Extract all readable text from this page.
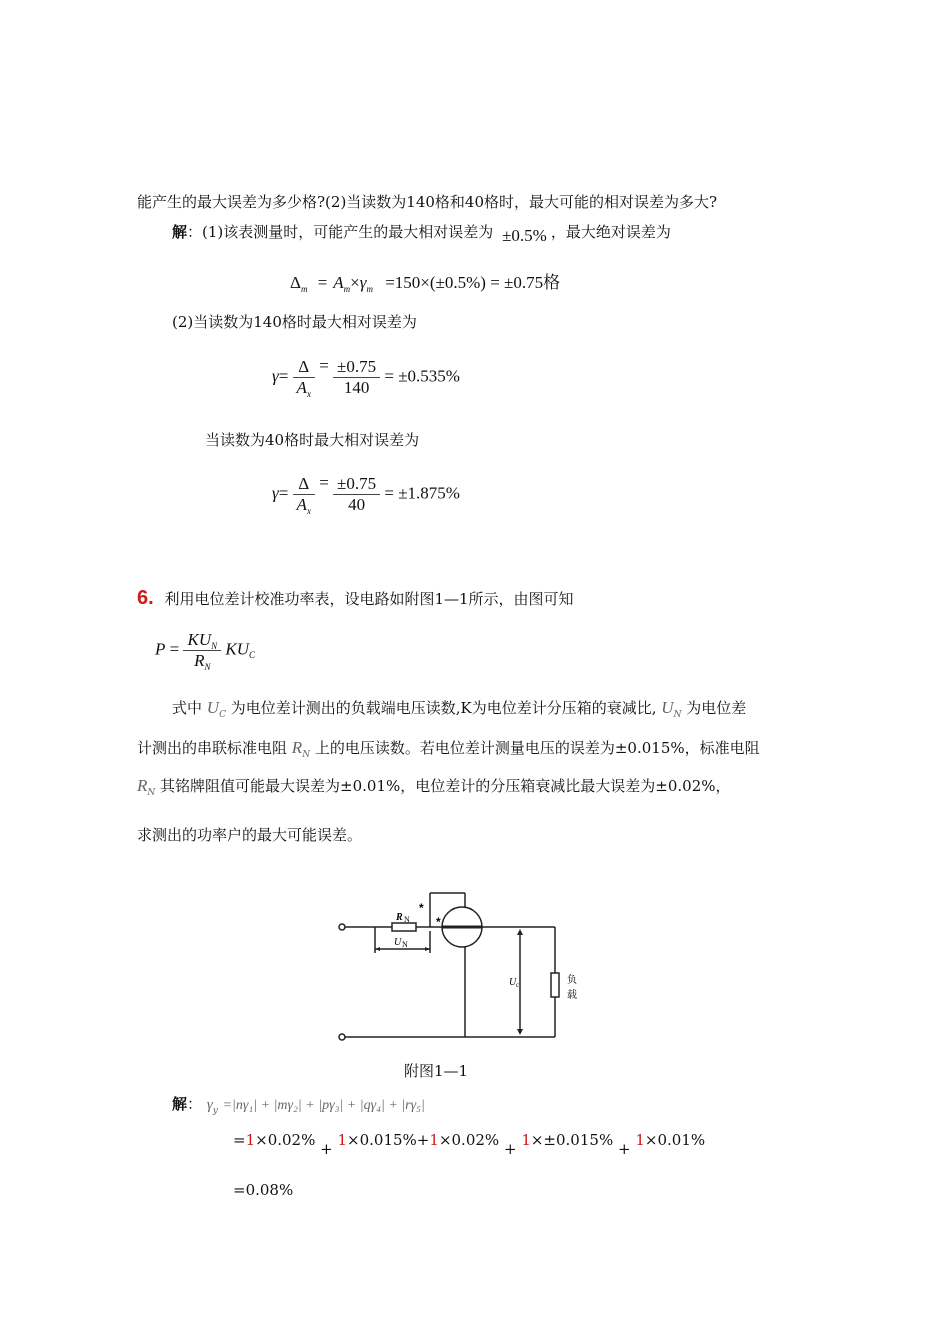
能产生的最大误差为多少格?(2)当读数为140格和40格时，最大可能的相对误差为多大?
解：(1)该表测量时，可能产生的最大相对误差为 ±0.5% ，最大绝对误差为
$\Delta_m = A_m\times\gamma_m =150\times(\pm 0.5\%) = \pm 0.75$格
(2)当读数为140格时最大相对误差为
$\gamma= \frac{\Delta}{A_x} = \frac{\pm 0.75}{140} = \pm 0.535\%$
当读数为40格时最大相对误差为
$\gamma= \frac{\Delta}{A_x} = \frac{\pm 0.75}{40} = \pm 1.875\%$
6. 利用电位差计校准功率表，设电路如附图1—1所示，由图可知
$P = \frac{KU_N}{R_N} KU_C$
式中 $U_C$ 为电位差计测出的负载端电压读数,K为电位差计分压箱的衰减比, $U_N$ 为电位差
计测出的串联标准电阻 $R_N$ 上的电压读数。若电位差计测量电压的误差为±0.015%，标准电阻
$R_N$ 其铭牌阻值可能最大误差为±0.01%，电位差计的分压箱衰减比最大误差为±0.02%，
求测出的功率户的最大可能误差。
R N
U N
*
*
U c	负
载
附图1—1
解： $\gamma_y =|n\gamma_1| + |m\gamma_2| + |p\gamma_3| + |q\gamma_4| + |r\gamma_5|$
=1×0.02% + 1×0.015%+1×0.02% + 1×±0.015% + 1×0.01%
=0.08%
